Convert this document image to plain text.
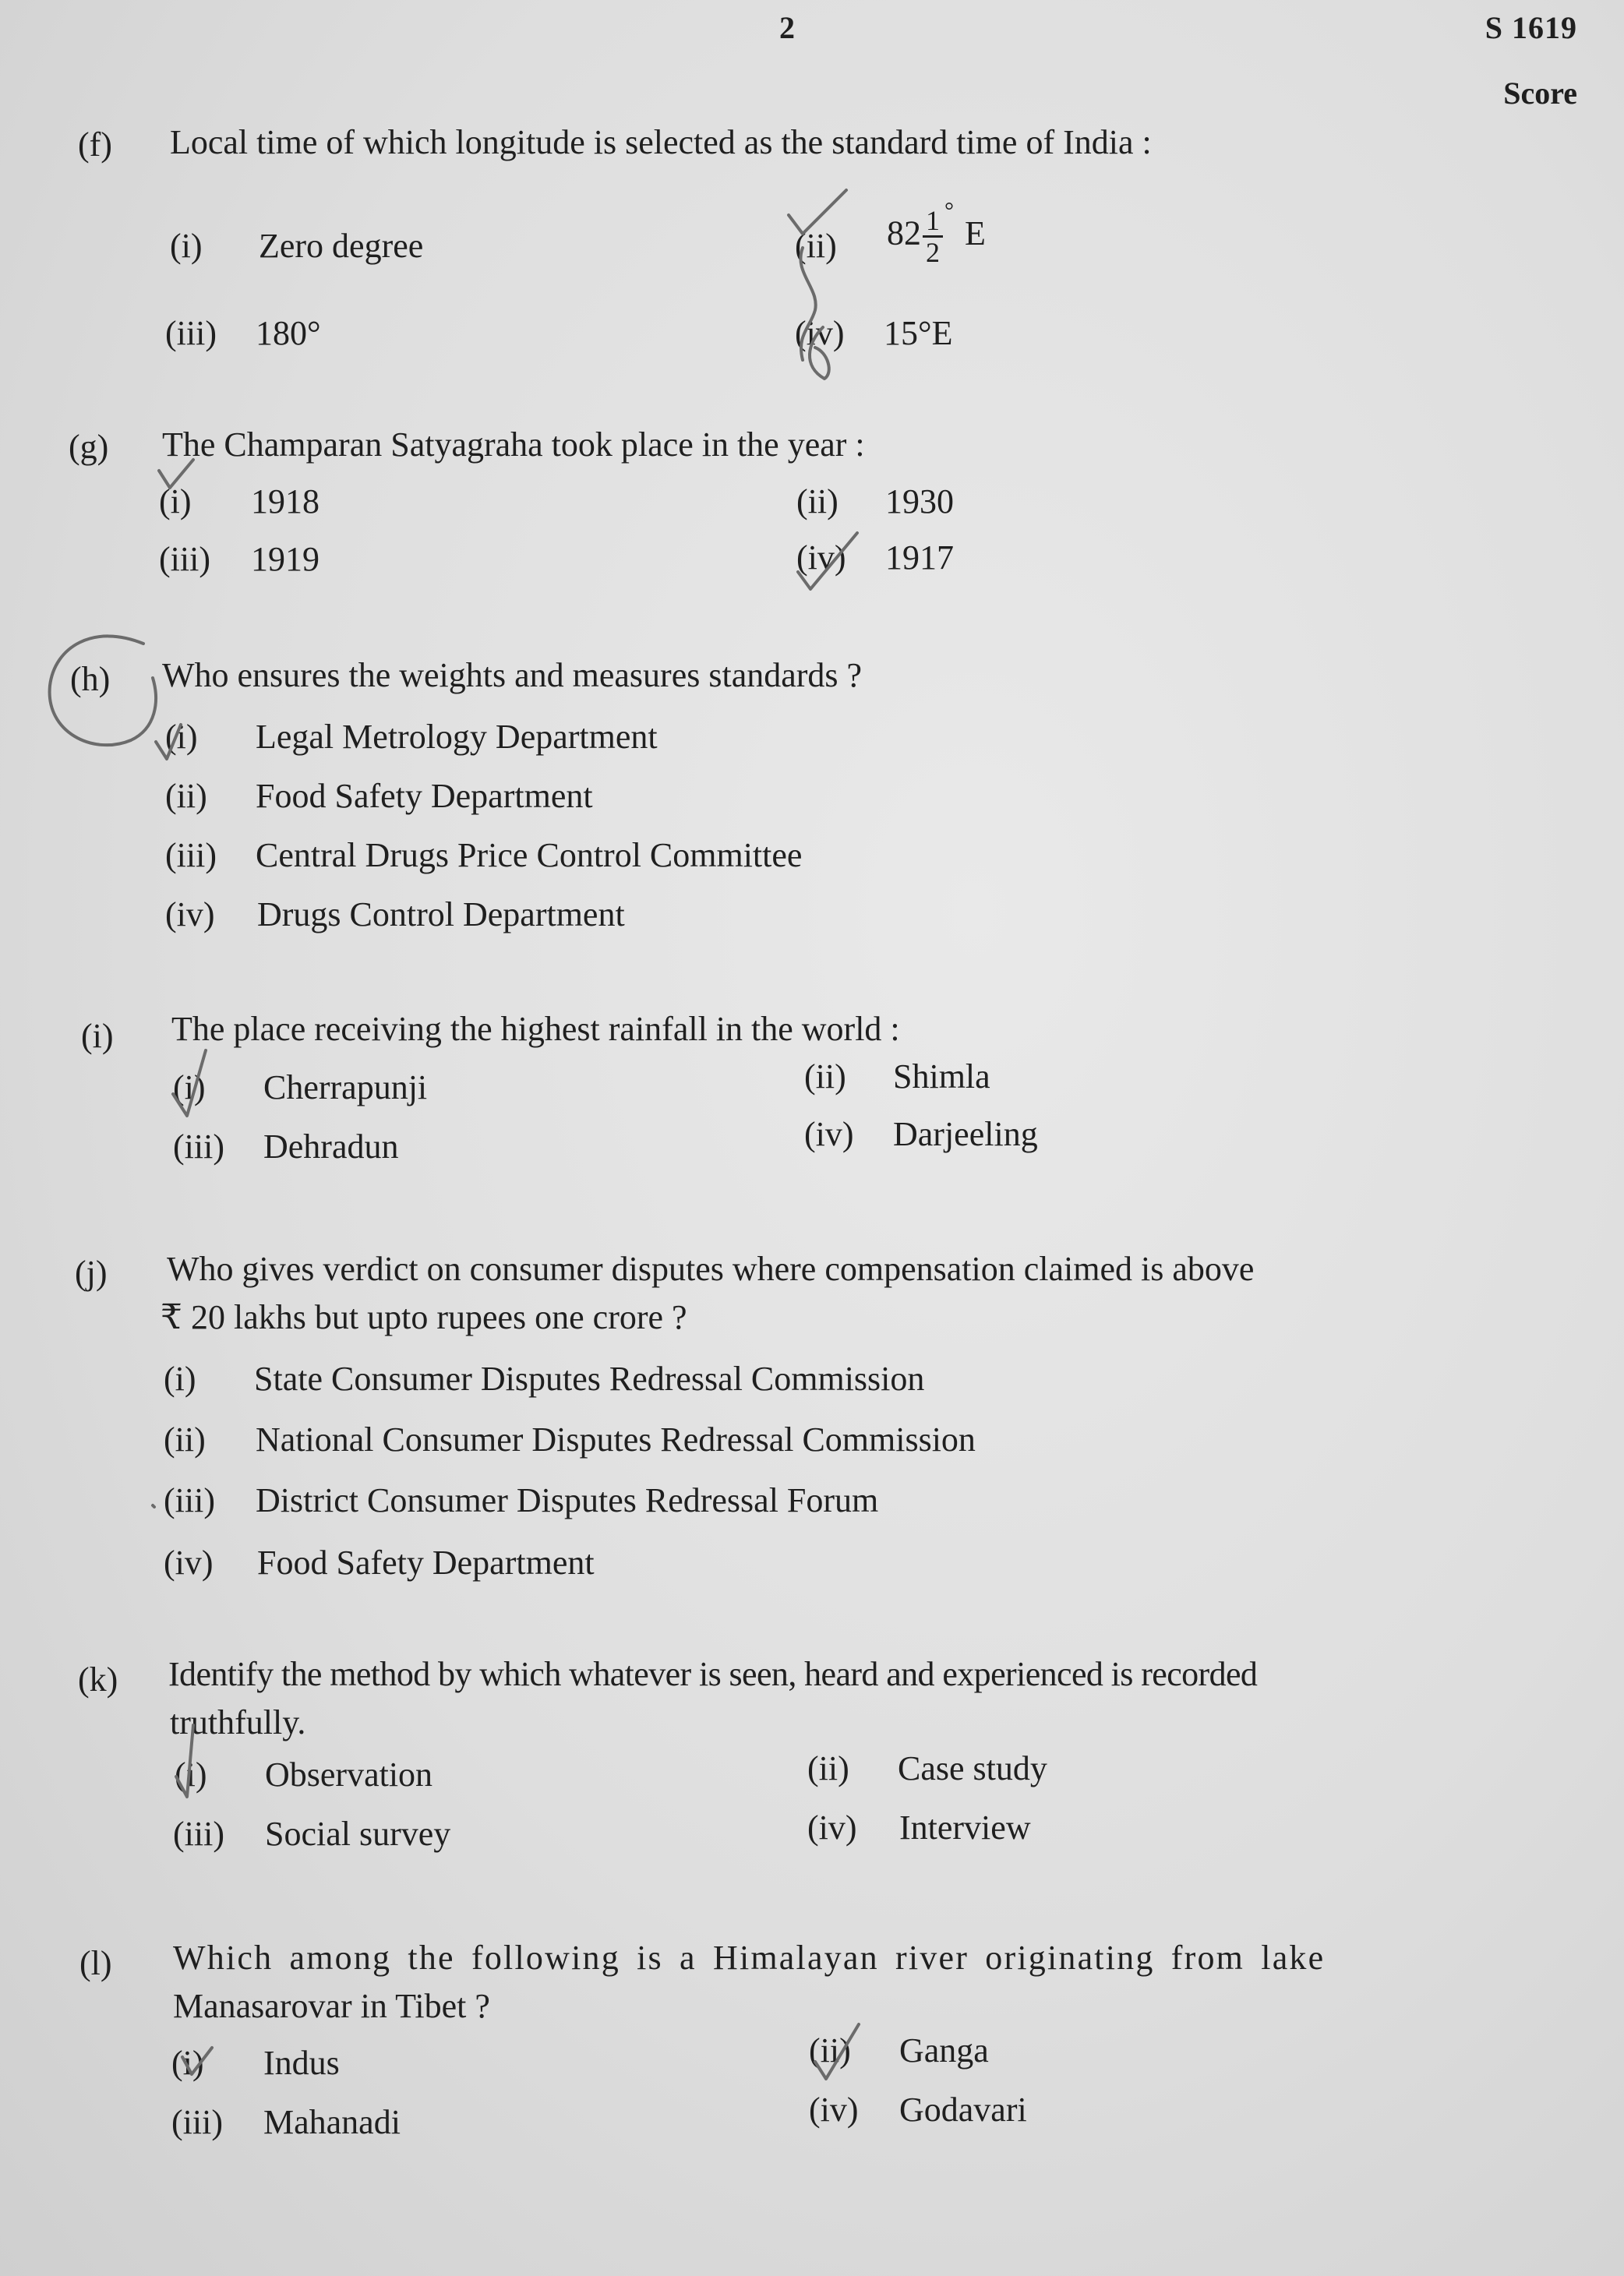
2	S 1619
Score
(f) Local time of which longitude is selected as the standard time of India :

(i) Zero degree	(ii) $82 \frac{1}{2} ^\circ E$
(iii) 180°	(iv) 15°E
(g) The Champaran Satyagraha took place in the year :

(i) 1918	(ii) 1930
(iii) 1919	(iv) 1917
(h) Who ensures the weights and measures standards ?

(i) Legal Metrology Department
(ii) Food Safety Department
(iii) Central Drugs Price Control Committee
(iv) Drugs Control Department
(i) The place receiving the highest rainfall in the world :

(i) Cherrapunji	(ii) Shimla
(iii) Dehradun	(iv) Darjeeling
(j) Who gives verdict on consumer disputes where compensation claimed is above

₹ 20 lakhs but upto rupees one crore ?

(i) State Consumer Disputes Redressal Commission
(ii) National Consumer Disputes Redressal Commission
(iii) District Consumer Disputes Redressal Forum
(iv) Food Safety Department
(k) Identify the method by which whatever is seen, heard and experienced is recorded

truthfully.

(i) Observation	(ii) Case study
(iii) Social survey	(iv) Interview
(l) Which among the following is a Himalayan river originating from lake

Manasarovar in Tibet ?

(i) Indus	(ii) Ganga
(iii) Mahanadi	(iv) Godavari
